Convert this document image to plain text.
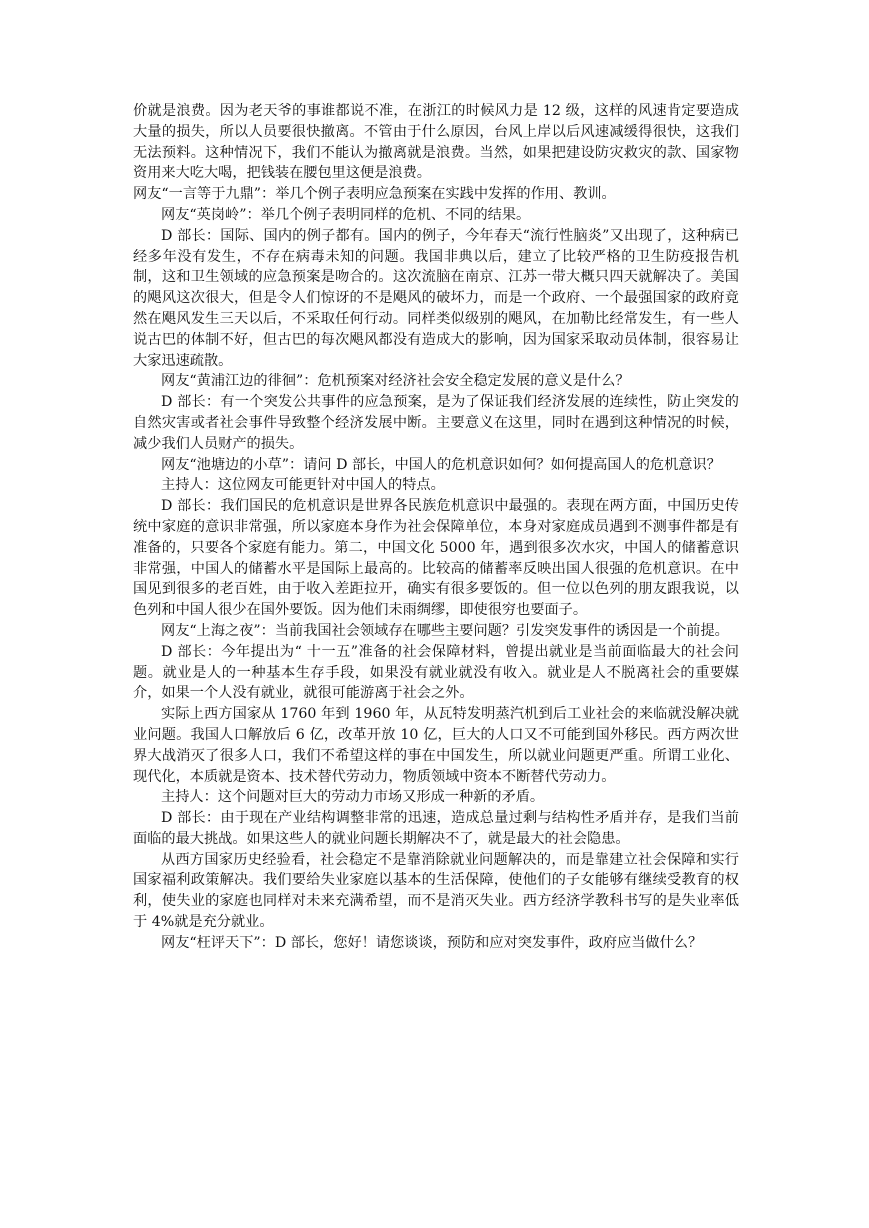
价就是浪费。因为老天爷的事谁都说不准，在浙江的时候风力是 12 级，这样的风速肯定要造成大量的损失，所以人员要很快撤离。不管由于什么原因，台风上岸以后风速减缓得很快，这我们无法预料。这种情况下，我们不能认为撤离就是浪费。当然，如果把建设防灾救灾的款、国家物资用来大吃大喝，把钱装在腰包里这便是浪费。

网友“一言等于九鼎”：举几个例子表明应急预案在实践中发挥的作用、教训。

网友“英岗岭”：举几个例子表明同样的危机、不同的结果。

D 部长：国际、国内的例子都有。国内的例子，今年春天“流行性脑炎”又出现了，这种病已经多年没有发生，不存在病毒未知的问题。我国非典以后，建立了比较严格的卫生防疫报告机制，这和卫生领域的应急预案是吻合的。这次流脑在南京、江苏一带大概只四天就解决了。美国的飓风这次很大，但是令人们惊讶的不是飓风的破坏力，而是一个政府、一个最强国家的政府竟然在飓风发生三天以后，不采取任何行动。同样类似级别的飓风，在加勒比经常发生，有一些人说古巴的体制不好，但古巴的每次飓风都没有造成大的影响，因为国家采取动员体制，很容易让大家迅速疏散。

网友“黄浦江边的徘徊”：危机预案对经济社会安全稳定发展的意义是什么？

D 部长：有一个突发公共事件的应急预案，是为了保证我们经济发展的连续性，防止突发的自然灾害或者社会事件导致整个经济发展中断。主要意义在这里，同时在遇到这种情况的时候，减少我们人员财产的损失。

网友“池塘边的小草”：请问 D 部长，中国人的危机意识如何？如何提高国人的危机意识？

主持人：这位网友可能更针对中国人的特点。

D 部长：我们国民的危机意识是世界各民族危机意识中最强的。表现在两方面，中国历史传统中家庭的意识非常强，所以家庭本身作为社会保障单位，本身对家庭成员遇到不测事件都是有准备的，只要各个家庭有能力。第二，中国文化 5000 年，遇到很多次水灾，中国人的储蓄意识非常强，中国人的储蓄水平是国际上最高的。比较高的储蓄率反映出国人很强的危机意识。在中国见到很多的老百姓，由于收入差距拉开，确实有很多要饭的。但一位以色列的朋友跟我说，以色列和中国人很少在国外要饭。因为他们未雨绸缪，即使很穷也要面子。

网友“上海之夜”：当前我国社会领域存在哪些主要问题？引发突发事件的诱因是一个前提。

D 部长：今年提出为“ 十一五”准备的社会保障材料，曾提出就业是当前面临最大的社会问题。就业是人的一种基本生存手段，如果没有就业就没有收入。就业是人不脱离社会的重要媒介，如果一个人没有就业，就很可能游离于社会之外。

实际上西方国家从 1760 年到 1960 年，从瓦特发明蒸汽机到后工业社会的来临就没解决就业问题。我国人口解放后 6 亿，改革开放 10 亿，巨大的人口又不可能到国外移民。西方两次世界大战消灭了很多人口，我们不希望这样的事在中国发生，所以就业问题更严重。所谓工业化、现代化，本质就是资本、技术替代劳动力，物质领域中资本不断替代劳动力。

主持人：这个问题对巨大的劳动力市场又形成一种新的矛盾。

D 部长：由于现在产业结构调整非常的迅速，造成总量过剩与结构性矛盾并存，是我们当前面临的最大挑战。如果这些人的就业问题长期解决不了，就是最大的社会隐患。

从西方国家历史经验看，社会稳定不是靠消除就业问题解决的，而是靠建立社会保障和实行国家福利政策解决。我们要给失业家庭以基本的生活保障，使他们的子女能够有继续受教育的权利，使失业的家庭也同样对未来充满希望，而不是消灭失业。西方经济学教科书写的是失业率低于 4%就是充分就业。

网友“枉评天下”：D 部长，您好！请您谈谈，预防和应对突发事件，政府应当做什么？
